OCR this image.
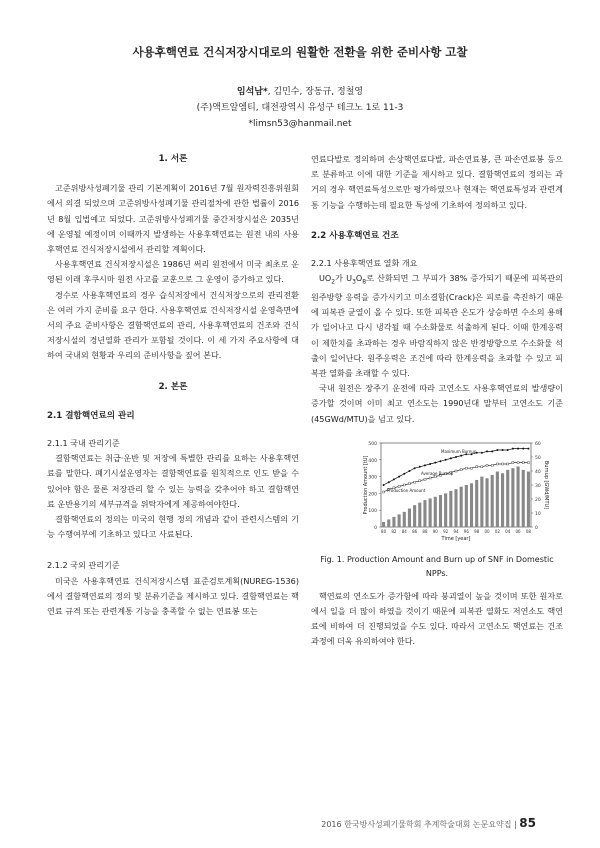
사용후핵연료 건식저장시대로의 원활한 전환을 위한 준비사항 고찰
임석남*, 김민수, 장동규, 정철영
(주)액트알엠티, 대전광역시 유성구 테크노 1로 11-3
*limsn53@hanmail.net
1. 서론

고준위방사성폐기물 관리 기본계획이 2016년 7월 원자력진흥위원회에서 의결 되었으며 고준위방사성폐기물 관리절차에 관한 법률이 2016년 8월 입법예고 되었다. 고준위방사성폐기물 중간저장시설은 2035년에 운영될 예정이며 이때까지 발생하는 사용후핵연료는 원전 내의 사용후핵연료 건식저장시설에서 관리할 계획이다.

사용후핵연료 건식저장시설은 1986년 써리 원전에서 미국 최초로 운영된 이래 후쿠시마 원전 사고를 교훈으로 그 운영이 증가하고 있다.

경수로 사용후핵연료의 경우 습식저장에서 건식저장으로의 관리전환은 여러 가지 준비를 요구 한다. 사용후핵연료 건식저장시설 운영측면에서의 주요 준비사항은 결함핵연료의 관리, 사용후핵연료의 건조와 건식저장시설의 경년열화 관리가 포함될 것이다. 이 세 가지 주요사항에 대하여 국내외 현황과 우리의 준비사항을 짚어 본다.

2. 본론
2.1 결함핵연료의 관리
2.1.1 국내 관리기준

결함핵연료는 취급·운반 및 저장에 특별한 관리를 요하는 사용후핵연료를 말한다. 폐기시설운영자는 결함핵연료를 원칙적으로 인도 받을 수 있어야 함은 물론 저장관리 할 수 있는 능력을 갖추어야 하고 결함핵연료 운반용기의 세부규격을 위탁자에게 제공하여야한다.

결함핵연료의 정의는 미국의 현행 정의 개념과 같이 관련시스템의 기능 수행여부에 기초하고 있다고 사료된다.

2.1.2 국외 관리기준

미국은 사용후핵연료 건식저장시스템 표준검토계획(NUREG-1536)에서 결함핵연료의 정의 및 분류기준을 제시하고 있다. 결함핵연료는 핵연료 규격 또는 관련계통 기능을 충족할 수 없는 연료봉 또는

연료다발로 정의하며 손상핵연료다발, 파손연료봉, 큰 파손연료봉 등으로 분류하고 이에 대한 기준을 제시하고 있다. 결함핵연료의 정의는 과거의 경우 핵연료특성으로만 평가하였으나 현재는 핵연료특성과 관련계통 기능을 수행하는데 필요한 특성에 기초하여 정의하고 있다.

2.2 사용후핵연료 건조
2.2.1 사용후핵연료 열화 개요

$UO_2$가 $U_3O_8$로 산화되면 그 부피가 38% 증가되기 때문에 피복관의 원주방향 응력을 증가시키고 미소결함(Crack)은 피로를 촉진하기 때문에 피복관 균열이 올 수 있다. 또한 피복관 온도가 상승하면 수소의 용해가 일어나고 다시 냉각될 때 수소화물로 석출하게 된다. 이때 한계응력이 제한치를 초과하는 경우 바람직하지 않은 반경방향으로 수소화물 석출이 일어난다. 원주응력은 조건에 따라 한계응력을 초과할 수 있고 피복관 열화를 초래할 수 있다.

국내 원전은 장주기 운전에 따라 고연소도 사용후핵연료의 발생량이 증가할 것이며 이미 최고 연소도는 1990년대 말부터 고연소도 기준 (45GWd/MTU)을 넘고 있다.

0
100
200
300
400
500
0
10
20
30
40
50
60
80 82 84 86 88 90 92 94 96 98 00 02 04 06 08
Time [year]
Production Amount [tU]	Burnup [GWd/MTU]
Maximum Burnup
Average Burnup
Production Amount
Fig. 1. Production Amount and Burn up of SNF in Domestic NPPs.

핵연료의 연소도가 증가함에 따라 붕괴열이 높을 것이며 또한 원자로에서 일을 더 많이 하였을 것이기 때문에 피복관 열화도 저연소도 핵연료에 비하여 더 진행되었을 수도 있다. 따라서 고연소도 핵연료는 건조과정에 더욱 유의하여야 한다.

2016 한국방사성폐기물학회 추계학술대회 논문요약집 | 85
